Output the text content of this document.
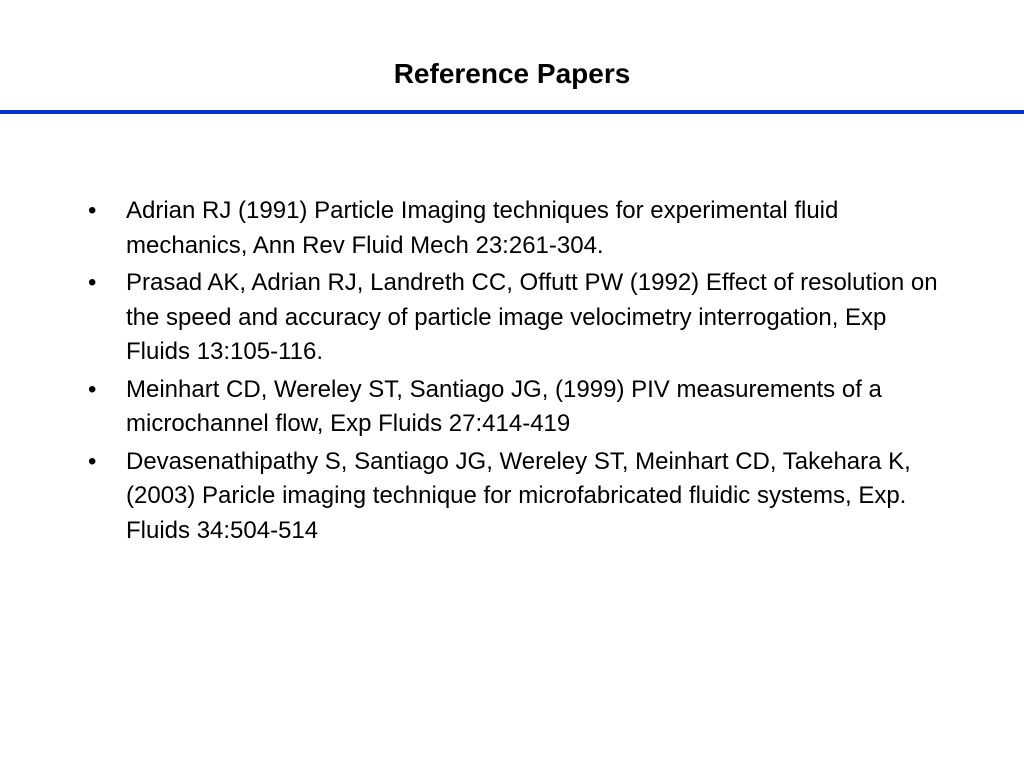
Reference Papers
•	Adrian RJ (1991) Particle Imaging techniques for experimental fluid mechanics, Ann Rev Fluid Mech 23:261-304.
•	Prasad AK, Adrian RJ, Landreth CC, Offutt PW (1992) Effect of resolution on the speed and accuracy of particle image velocimetry interrogation, Exp Fluids 13:105-116.
•	Meinhart CD, Wereley ST, Santiago JG, (1999) PIV measurements of a microchannel flow, Exp Fluids 27:414-419
•	Devasenathipathy S, Santiago JG, Wereley ST, Meinhart CD, Takehara K, (2003) Paricle imaging technique for microfabricated fluidic systems, Exp. Fluids 34:504-514
